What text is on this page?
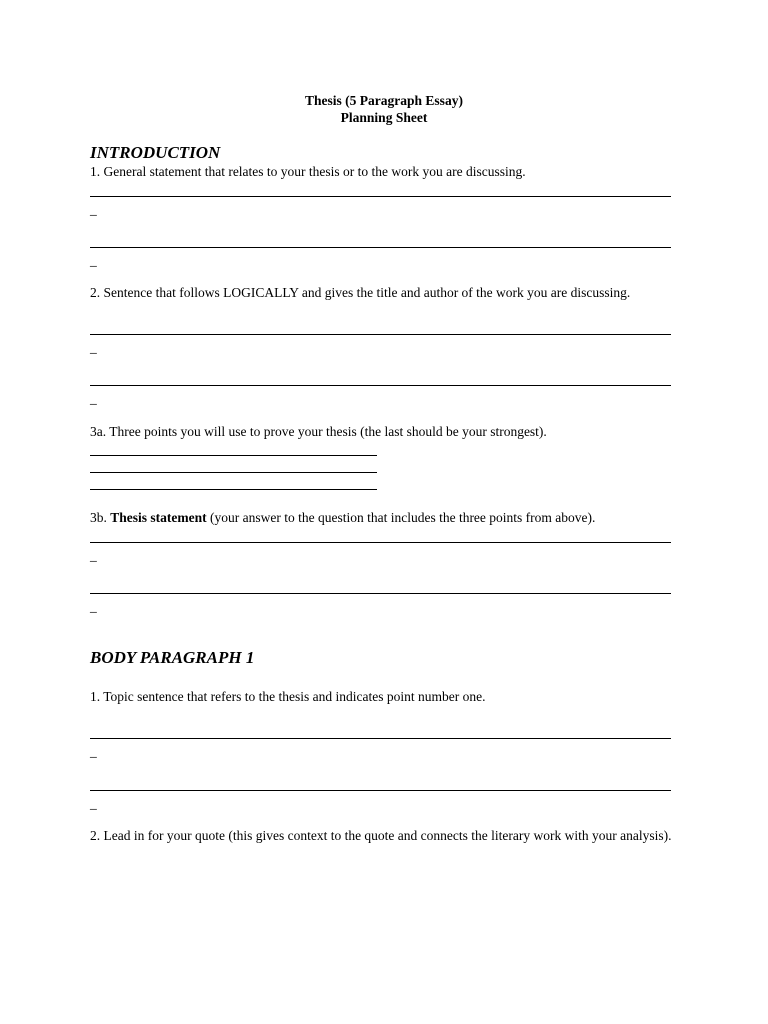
Thesis (5 Paragraph Essay)

Planning Sheet

INTRODUCTION

1. General statement that relates to your thesis or to the work you are discussing.

_
_

2. Sentence that follows LOGICALLY and gives the title and author of the work you are discussing.

_
_

3a. Three points you will use to prove your thesis (the last should be your strongest).

3b. Thesis statement (your answer to the question that includes the three points from above).

_
_

BODY PARAGRAPH 1

1. Topic sentence that refers to the thesis and indicates point number one.

_
_

2. Lead in for your quote (this gives context to the quote and connects the literary work with your analysis).
